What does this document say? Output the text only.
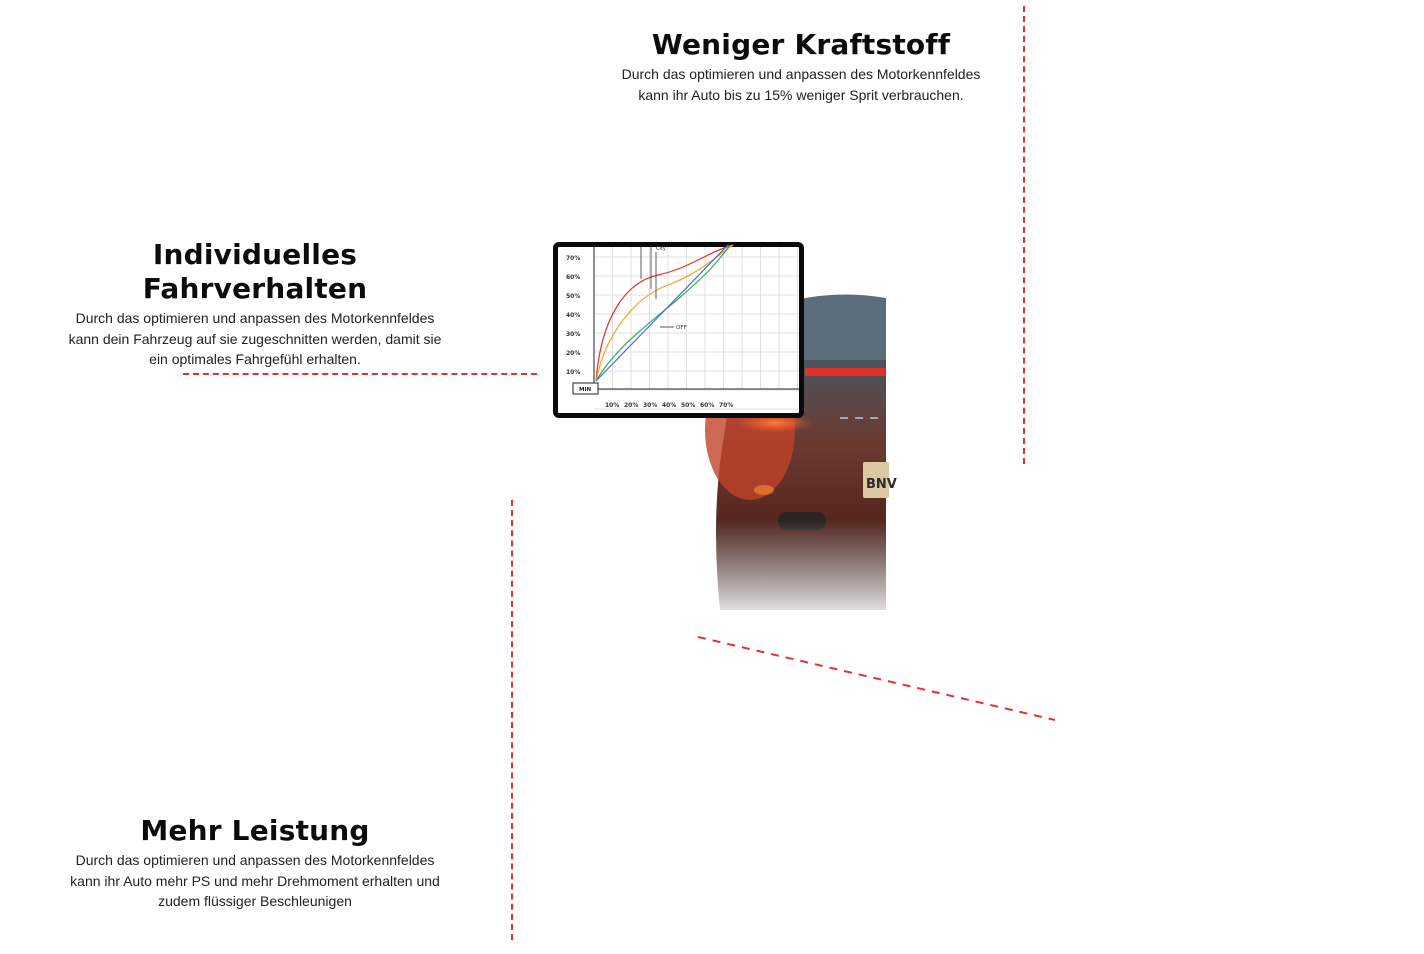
Weniger Kraftstoff

Durch das optimieren und anpassen des Motorkennfeldes
kann ihr Auto bis zu 15% weniger Sprit verbrauchen.

Individuelles Fahrverhalten

Durch das optimieren und anpassen des Motorkennfeldes
kann dein Fahrzeug auf sie zugeschnitten werden, damit sie
ein optimales Fahrgefühl erhalten.

Mehr Leistung

Durch das optimieren und anpassen des Motorkennfeldes
kann ihr Auto mehr PS und mehr Drehmoment erhalten und
zudem flüssiger Beschleunigen

BNV
70%
60%
50%
40%
30%
20%
10%
10% 20% 30% 40% 50% 60% 70%
MIN
City
OFF
